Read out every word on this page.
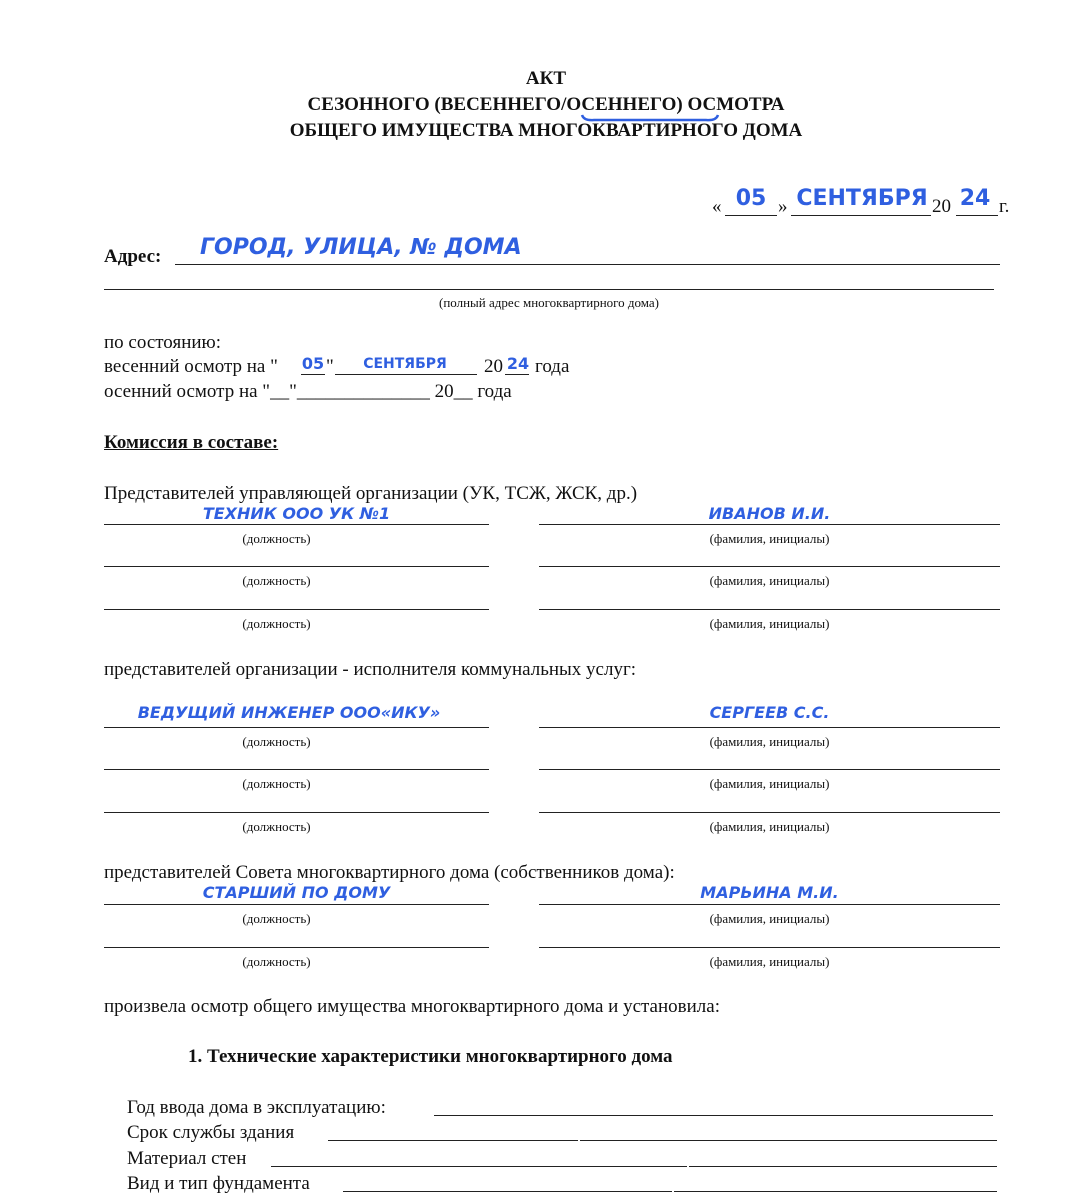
АКТ
СЕЗОННОГО (ВЕСЕННЕГО/ОСЕННЕГО) ОСМОТРА
ОБЩЕГО ИМУЩЕСТВА МНОГОКВАРТИРНОГО ДОМА
«	»	20	г.
05	СЕНТЯБРЯ 24
Адрес: ГОРОД, УЛИЦА, № ДОМА
(полный адрес многоквартирного дома)
по состоянию:
весенний осмотр на "	"	20 года
05	СЕНТЯБРЯ	24
осенний осмотр на "__"______________ 20__ года
Комиссия в составе:
Представителей управляющей организации (УК, ТСЖ, ЖСК, др.)
ТЕХНИК ООО УК №1	ИВАНОВ И.И.
(должность)	(фамилия, инициалы)
(должность)	(фамилия, инициалы)
(должность)	(фамилия, инициалы)
представителей организации - исполнителя коммунальных услуг:
ВЕДУЩИЙ ИНЖЕНЕР ООО«ИКУ»	СЕРГЕЕВ С.С.
(должность)	(фамилия, инициалы)
(должность)	(фамилия, инициалы)
(должность)	(фамилия, инициалы)
представителей Совета многоквартирного дома (собственников дома):
СТАРШИЙ ПО ДОМУ	МАРЬИНА М.И.
(должность)	(фамилия, инициалы)
(должность)	(фамилия, инициалы)
произвела осмотр общего имущества многоквартирного дома и установила:
1. Технические характеристики многоквартирного дома
Год ввода дома в эксплуатацию:
Срок службы здания
Материал стен
Вид и тип фундамента
